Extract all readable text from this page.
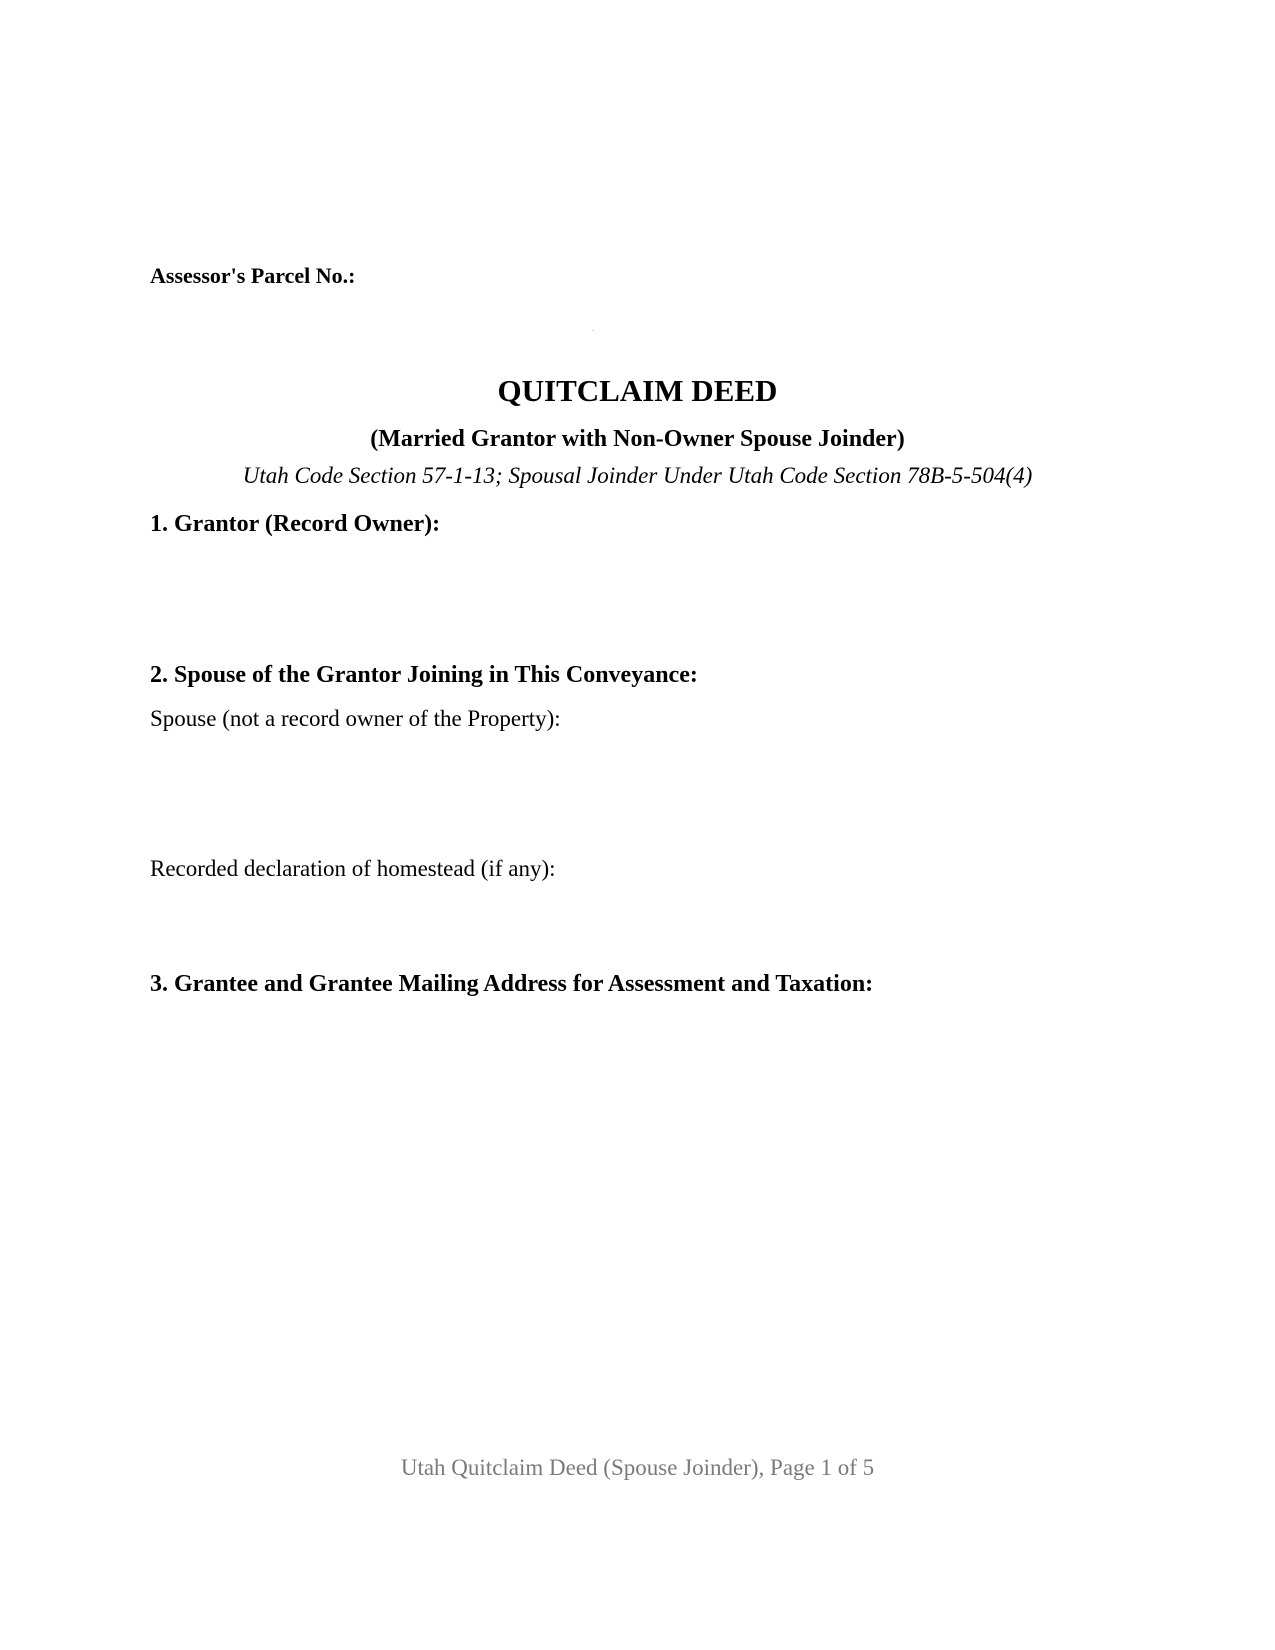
Assessor's Parcel No.:

QUITCLAIM DEED

(Married Grantor with Non-Owner Spouse Joinder)

Utah Code Section 57-1-13; Spousal Joinder Under Utah Code Section 78B-5-504(4)

1. Grantor (Record Owner):
2. Spouse of the Grantor Joining in This Conveyance:

Spouse (not a record owner of the Property):

Recorded declaration of homestead (if any):

3. Grantee and Grantee Mailing Address for Assessment and Taxation:

Utah Quitclaim Deed (Spouse Joinder), Page 1 of 5
